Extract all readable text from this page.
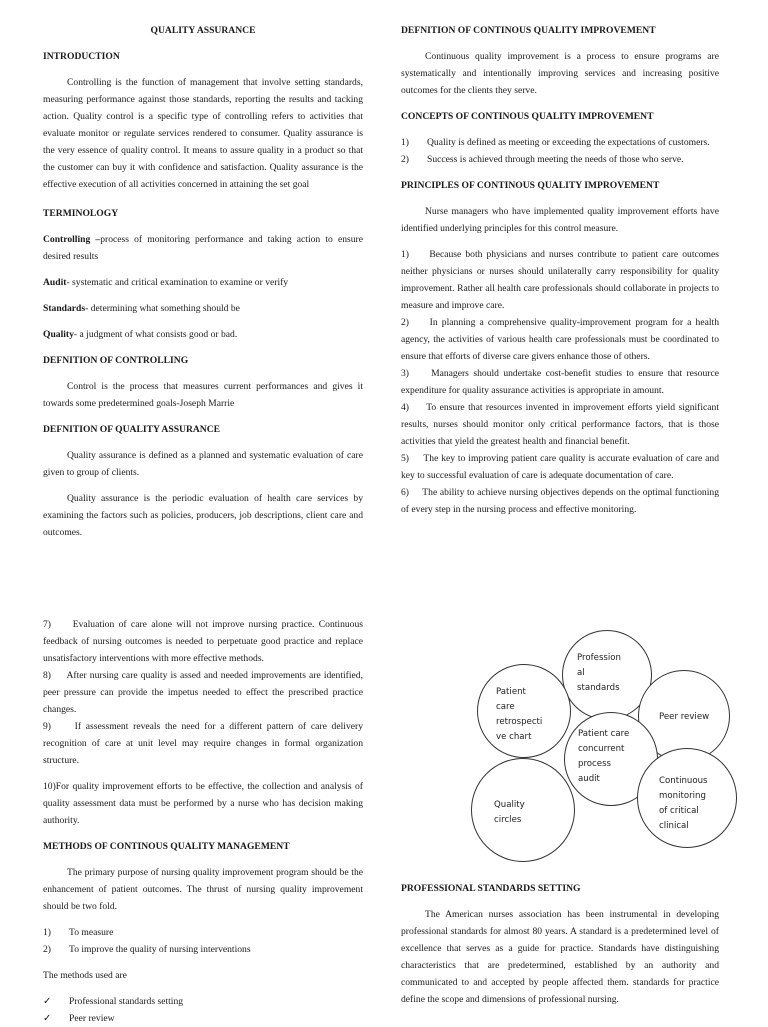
QUALITY ASSURANCE

INTRODUCTION

Controlling is the function of management that involve setting standards, measuring performance against those standards, reporting the results and tacking action. Quality control is a specific type of controlling refers to activities that evaluate monitor or regulate services rendered to consumer. Quality assurance is the very essence of quality control. It means to assure quality in a product so that the customer can buy it with confidence and satisfaction. Quality assurance is the effective execution of all activities concerned in attaining the set goal

TERMINOLOGY

Controlling –process of monitoring performance and taking action to ensure desired results

Audit- systematic and critical examination to examine or verify

Standards- determining what something should be

Quality- a judgment of what consists good or bad.

DEFNITION OF CONTROLLING

Control is the process that measures current performances and gives it towards some predetermined goals-Joseph Marrie

DEFNITION OF QUALITY ASSURANCE

Quality assurance is defined as a planned and systematic evaluation of care given to group of clients.

Quality assurance is the periodic evaluation of health care services by examining the factors such as policies, producers, job descriptions, client care and outcomes.

DEFNITION OF CONTINOUS QUALITY IMPROVEMENT

Continuous quality improvement is a process to ensure programs are systematically and intentionally improving services and increasing positive outcomes for the clients they serve.

CONCEPTS OF CONTINOUS QUALITY IMPROVEMENT

1)	Quality is defined as meeting or exceeding the expectations of customers.
2)	Success is achieved through meeting the needs of those who serve.

PRINCIPLES OF CONTINOUS QUALITY IMPROVEMENT

Nurse managers who have implemented quality improvement efforts have identified underlying principles for this control measure.

1) Because both physicians and nurses contribute to patient care outcomes neither physicians or nurses should unilaterally carry responsibility for quality improvement. Rather all health care professionals should collaborate in projects to measure and improve care.

2) In planning a comprehensive quality-improvement program for a health agency, the activities of various health care professionals must be coordinated to ensure that efforts of diverse care givers enhance those of others.

3) Managers should undertake cost-benefit studies to ensure that resource expenditure for quality assurance activities is appropriate in amount.

4) To ensure that resources invented in improvement efforts yield significant results, nurses should monitor only critical performance factors, that is those activities that yield the greatest health and financial benefit.

5) The key to improving patient care quality is accurate evaluation of care and key to successful evaluation of care is adequate documentation of care.

6) The ability to achieve nursing objectives depends on the optimal functioning of every step in the nursing process and effective monitoring.

7) Evaluation of care alone will not improve nursing practice. Continuous feedback of nursing outcomes is needed to perpetuate good practice and replace unsatisfactory interventions with more effective methods.

8) After nursing care quality is assed and needed improvements are identified, peer pressure can provide the impetus needed to effect the prescribed practice changes.

9) If assessment reveals the need for a different pattern of care delivery recognition of care at unit level may require changes in formal organization structure.

10)For quality improvement efforts to be effective, the collection and analysis of quality assessment data must be performed by a nurse who has decision making authority.

METHODS OF CONTINOUS QUALITY MANAGEMENT

The primary purpose of nursing quality improvement program should be the enhancement of patient outcomes. The thrust of nursing quality improvement should be two fold.

1)	To measure
2)	To improve the quality of nursing interventions

The methods used are

✓	Professional standards setting
✓	Peer review
Profession
al
standards
Patient
care
retrospecti
ve chart
Peer review
Patient care
concurrent
process
audit
Quality
circles
Continuous
monitoring
of critical
clinical

PROFESSIONAL STANDARDS SETTING

The American nurses association has been instrumental in developing professional standards for almost 80 years. A standard is a predetermined level of excellence that serves as a guide for practice. Standards have distinguishing characteristics that are predetermined, established by an authority and communicated to and accepted by people affected them. standards for practice define the scope and dimensions of professional nursing.
